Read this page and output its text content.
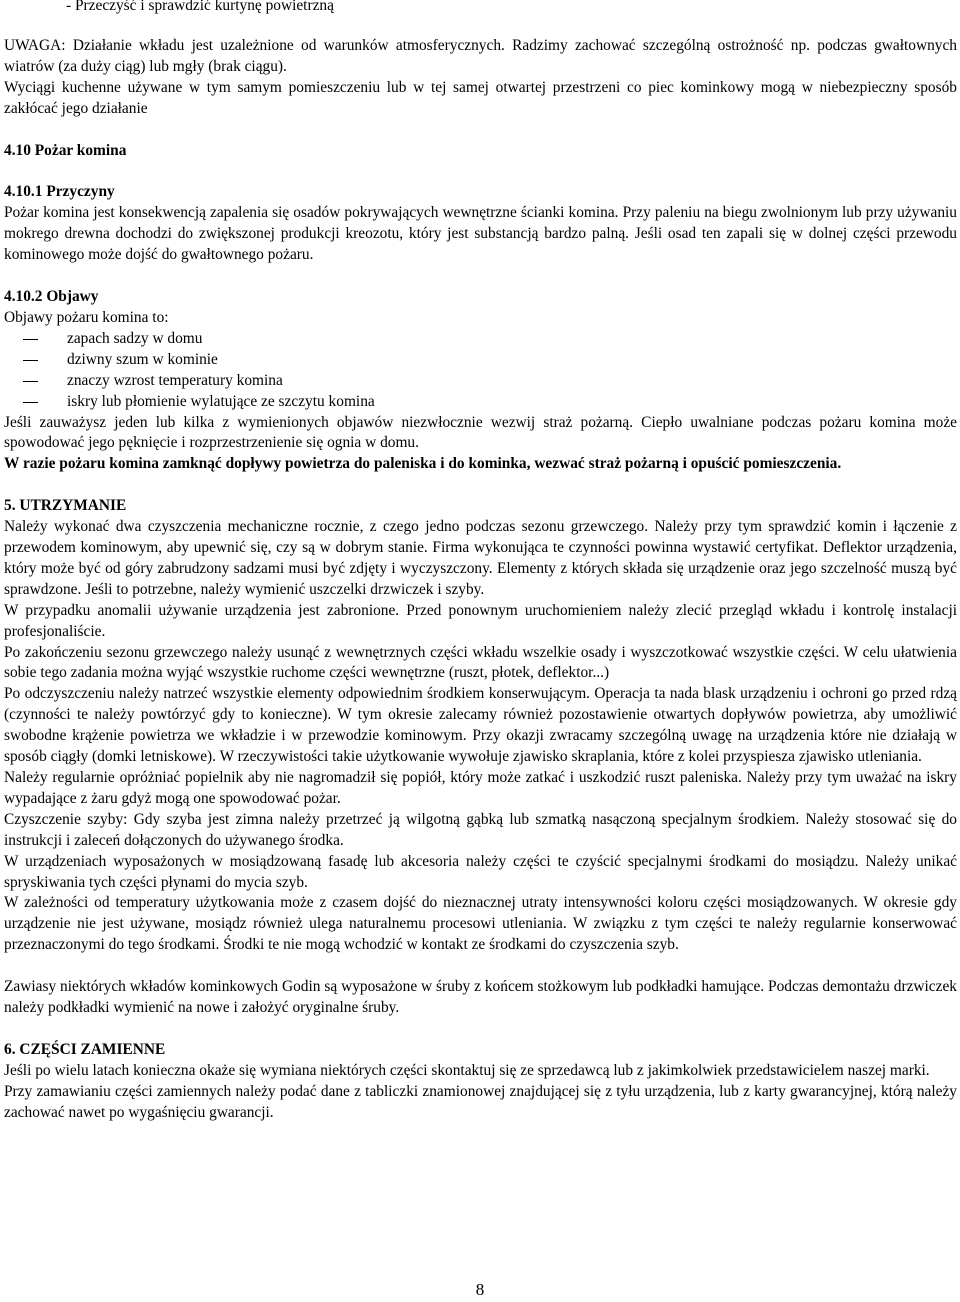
- Przeczyść i sprawdzić kurtynę powietrzną

UWAGA: Działanie wkładu jest uzależnione od warunków atmosferycznych. Radzimy zachować szczególną ostrożność np. podczas gwałtownych wiatrów (za duży ciąg) lub mgły (brak ciągu).

Wyciągi kuchenne używane w tym samym pomieszczeniu lub w tej samej otwartej przestrzeni co piec kominkowy mogą w niebezpieczny sposób zakłócać jego działanie

4.10 Pożar komina

4.10.1 Przyczyny

Pożar komina jest konsekwencją zapalenia się osadów pokrywających wewnętrzne ścianki komina. Przy paleniu na biegu zwolnionym lub przy używaniu mokrego drewna dochodzi do zwiększonej produkcji kreozotu, który jest substancją bardzo palną. Jeśli osad ten zapali się w dolnej części przewodu kominowego może dojść do gwałtownego pożaru.

4.10.2 Objawy

Objawy pożaru komina to:

zapach sadzy w domu
dziwny szum w kominie
znaczy wzrost temperatury komina
iskry lub płomienie wylatujące ze szczytu komina

Jeśli zauważysz jeden lub kilka z wymienionych objawów niezwłocznie wezwij straż pożarną. Ciepło uwalniane podczas pożaru komina może spowodować jego pęknięcie i rozprzestrzenienie się ognia w domu.

W razie pożaru komina zamknąć dopływy powietrza do paleniska i do kominka, wezwać straż pożarną i opuścić pomieszczenia.

5. UTRZYMANIE

Należy wykonać dwa czyszczenia mechaniczne rocznie, z czego jedno podczas sezonu grzewczego. Należy przy tym sprawdzić komin i łączenie z przewodem kominowym, aby upewnić się, czy są w dobrym stanie. Firma wykonująca te czynności powinna wystawić certyfikat. Deflektor urządzenia, który może być od góry zabrudzony sadzami musi być zdjęty i wyczyszczony. Elementy z których składa się urządzenie oraz jego szczelność muszą być sprawdzone. Jeśli to potrzebne, należy wymienić uszczelki drzwiczek i szyby.

W przypadku anomalii używanie urządzenia jest zabronione. Przed ponownym uruchomieniem należy zlecić przegląd wkładu i kontrolę instalacji profesjonaliście.

Po zakończeniu sezonu grzewczego należy usunąć z wewnętrznych części wkładu wszelkie osady i wyszczotkować wszystkie części. W celu ułatwienia sobie tego zadania można wyjąć wszystkie ruchome części wewnętrzne (ruszt, płotek, deflektor...)

Po odczyszczeniu należy natrzeć wszystkie elementy odpowiednim środkiem konserwującym. Operacja ta nada blask urządzeniu i ochroni go przed rdzą (czynności te należy powtórzyć gdy to konieczne). W tym okresie zalecamy również pozostawienie otwartych dopływów powietrza, aby umożliwić swobodne krążenie powietrza we wkładzie i w przewodzie kominowym. Przy okazji zwracamy szczególną uwagę na urządzenia które nie działają w sposób ciągły (domki letniskowe). W rzeczywistości takie użytkowanie wywołuje zjawisko skraplania, które z kolei przyspiesza zjawisko utleniania.

Należy regularnie opróżniać popielnik aby nie nagromadził się popiół, który może zatkać i uszkodzić ruszt paleniska. Należy przy tym uważać na iskry wypadające z żaru gdyż mogą one spowodować pożar.

Czyszczenie szyby: Gdy szyba jest zimna należy przetrzeć ją wilgotną gąbką lub szmatką nasączoną specjalnym środkiem. Należy stosować się do instrukcji i zaleceń dołączonych do używanego środka.

W urządzeniach wyposażonych w mosiądzowaną fasadę lub akcesoria należy części te czyścić specjalnymi środkami do mosiądzu. Należy unikać spryskiwania tych części płynami do mycia szyb.

W zależności od temperatury użytkowania może z czasem dojść do nieznacznej utraty intensywności koloru części mosiądzowanych. W okresie gdy urządzenie nie jest używane, mosiądz również ulega naturalnemu procesowi utleniania. W związku z tym części te należy regularnie konserwować przeznaczonymi do tego środkami. Środki te nie mogą wchodzić w kontakt ze środkami do czyszczenia szyb.

Zawiasy niektórych wkładów kominkowych Godin są wyposażone w śruby z końcem stożkowym lub podkładki hamujące. Podczas demontażu drzwiczek należy podkładki wymienić na nowe i założyć oryginalne śruby.

6. CZĘŚCI ZAMIENNE

Jeśli po wielu latach konieczna okaże się wymiana niektórych części skontaktuj się ze sprzedawcą lub z jakimkolwiek przedstawicielem naszej marki.

Przy zamawianiu części zamiennych należy podać dane z tabliczki znamionowej znajdującej się z tyłu urządzenia, lub z karty gwarancyjnej, którą należy zachować nawet po wygaśnięciu gwarancji.

8
